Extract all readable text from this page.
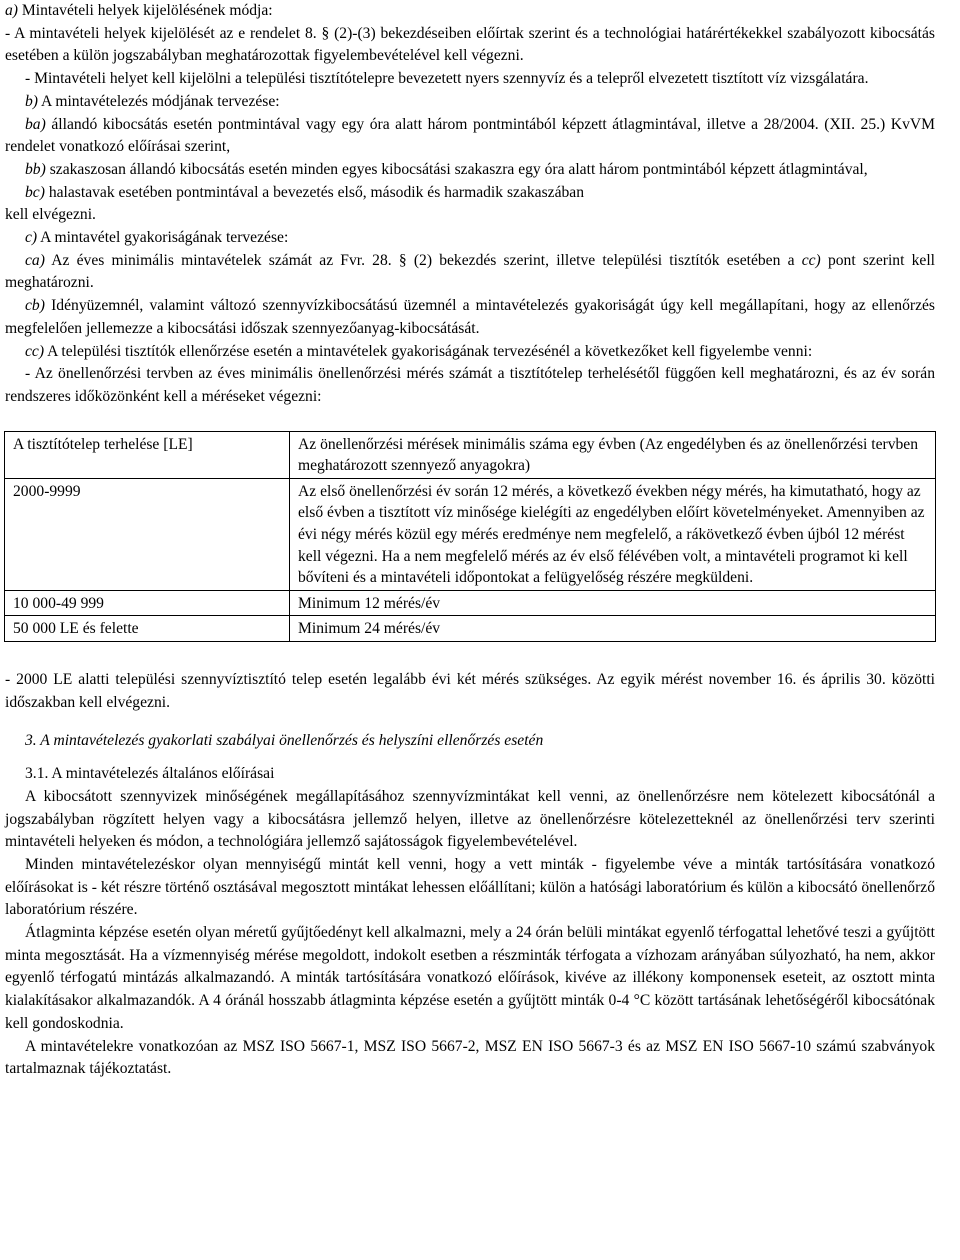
a) Mintavételi helyek kijelölésének módja:

- A mintavételi helyek kijelölését az e rendelet 8. § (2)-(3) bekezdéseiben előírtak szerint és a technológiai határértékekkel szabályozott kibocsátás esetében a külön jogszabályban meghatározottak figyelembevételével kell végezni.

- Mintavételi helyet kell kijelölni a települési tisztítótelepre bevezetett nyers szennyvíz és a telepről elvezetett tisztított víz vizsgálatára.

b) A mintavételezés módjának tervezése:

ba) állandó kibocsátás esetén pontmintával vagy egy óra alatt három pontmintából képzett átlagmintával, illetve a 28/2004. (XII. 25.) KvVM rendelet vonatkozó előírásai szerint,

bb) szakaszosan állandó kibocsátás esetén minden egyes kibocsátási szakaszra egy óra alatt három pontmintából képzett átlagmintával,

bc) halastavak esetében pontmintával a bevezetés első, második és harmadik szakaszában

kell elvégezni.

c) A mintavétel gyakoriságának tervezése:

ca) Az éves minimális mintavételek számát az Fvr. 28. § (2) bekezdés szerint, illetve települési tisztítók esetében a cc) pont szerint kell meghatározni.

cb) Idényüzemnél, valamint változó szennyvízkibocsátású üzemnél a mintavételezés gyakoriságát úgy kell megállapítani, hogy az ellenőrzés megfelelően jellemezze a kibocsátási időszak szennyezőanyag-kibocsátását.

cc) A települési tisztítók ellenőrzése esetén a mintavételek gyakoriságának tervezésénél a következőket kell figyelembe venni:

- Az önellenőrzési tervben az éves minimális önellenőrzési mérés számát a tisztítótelep terhelésétől függően kell meghatározni, és az év során rendszeres időközönként kell a méréseket végezni:

A tisztítótelep terhelése [LE]	Az önellenőrzési mérések minimális száma egy évben (Az engedélyben és az önellenőrzési tervben meghatározott szennyező anyagokra)
2000-9999	Az első önellenőrzési év során 12 mérés, a következő években négy mérés, ha kimutatható, hogy az első évben a tisztított víz minősége kielégíti az engedélyben előírt követelményeket. Amennyiben az évi négy mérés közül egy mérés eredménye nem megfelelő, a rákövetkező évben újból 12 mérést kell végezni. Ha a nem megfelelő mérés az év első félévében volt, a mintavételi programot ki kell bővíteni és a mintavételi időpontokat a felügyelőség részére megküldeni.
10 000-49 999	Minimum 12 mérés/év
50 000 LE és felette	Minimum 24 mérés/év

- 2000 LE alatti települési szennyvíztisztító telep esetén legalább évi két mérés szükséges. Az egyik mérést november 16. és április 30. közötti időszakban kell elvégezni.

3. A mintavételezés gyakorlati szabályai önellenőrzés és helyszíni ellenőrzés esetén

3.1. A mintavételezés általános előírásai

A kibocsátott szennyvizek minőségének megállapításához szennyvízmintákat kell venni, az önellenőrzésre nem kötelezett kibocsátónál a jogszabályban rögzített helyen vagy a kibocsátásra jellemző helyen, illetve az önellenőrzésre kötelezetteknél az önellenőrzési terv szerinti mintavételi helyeken és módon, a technológiára jellemző sajátosságok figyelembevételével.

Minden mintavételezéskor olyan mennyiségű mintát kell venni, hogy a vett minták - figyelembe véve a minták tartósítására vonatkozó előírásokat is - két részre történő osztásával megosztott mintákat lehessen előállítani; külön a hatósági laboratórium és külön a kibocsátó önellenőrző laboratórium részére.

Átlagminta képzése esetén olyan méretű gyűjtőedényt kell alkalmazni, mely a 24 órán belüli mintákat egyenlő térfogattal lehetővé teszi a gyűjtött minta megosztását. Ha a vízmennyiség mérése megoldott, indokolt esetben a részminták térfogata a vízhozam arányában súlyozható, ha nem, akkor egyenlő térfogatú mintázás alkalmazandó. A minták tartósítására vonatkozó előírások, kivéve az illékony komponensek eseteit, az osztott minta kialakításakor alkalmazandók. A 4 óránál hosszabb átlagminta képzése esetén a gyűjtött minták 0-4 °C között tartásának lehetőségéről kibocsátónak kell gondoskodnia.

A mintavételekre vonatkozóan az MSZ ISO 5667-1, MSZ ISO 5667-2, MSZ EN ISO 5667-3 és az MSZ EN ISO 5667-10 számú szabványok tartalmaznak tájékoztatást.
